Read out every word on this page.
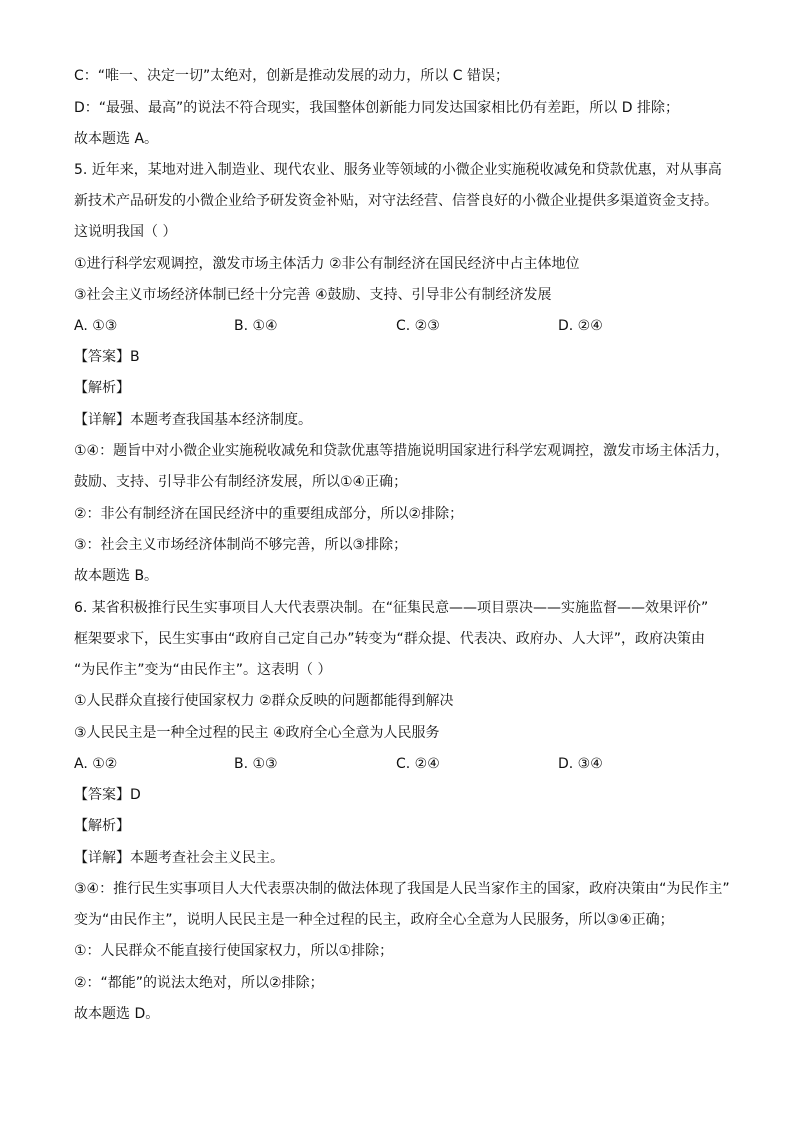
C：“唯一、决定一切”太绝对，创新是推动发展的动力，所以 C 错误；
D：“最强、最高”的说法不符合现实，我国整体创新能力同发达国家相比仍有差距，所以 D 排除；
故本题选 A。
5. 近年来，某地对进入制造业、现代农业、服务业等领域的小微企业实施税收减免和贷款优惠，对从事高
新技术产品研发的小微企业给予研发资金补贴，对守法经营、信誉良好的小微企业提供多渠道资金支持。
这说明我国（ ）
①进行科学宏观调控，激发市场主体活力 ②非公有制经济在国民经济中占主体地位
③社会主义市场经济体制已经十分完善 ④鼓励、支持、引导非公有制经济发展
A. ①③	B. ①④	C. ②③	D. ②④
【答案】B
【解析】
【详解】本题考查我国基本经济制度。
①④：题旨中对小微企业实施税收减免和贷款优惠等措施说明国家进行科学宏观调控，激发市场主体活力，
鼓励、支持、引导非公有制经济发展，所以①④正确；
②：非公有制经济在国民经济中的重要组成部分，所以②排除；
③：社会主义市场经济体制尚不够完善，所以③排除；
故本题选 B。
6. 某省积极推行民生实事项目人大代表票决制。在“征集民意——项目票决——实施监督——效果评价”
框架要求下，民生实事由“政府自己定自己办”转变为“群众提、代表决、政府办、人大评”，政府决策由
“为民作主”变为“由民作主”。这表明（ ）
①人民群众直接行使国家权力 ②群众反映的问题都能得到解决
③人民民主是一种全过程的民主 ④政府全心全意为人民服务
A. ①②	B. ①③	C. ②④	D. ③④
【答案】D
【解析】
【详解】本题考查社会主义民主。
③④：推行民生实事项目人大代表票决制的做法体现了我国是人民当家作主的国家，政府决策由“为民作主”
变为“由民作主”，说明人民民主是一种全过程的民主，政府全心全意为人民服务，所以③④正确；
①：人民群众不能直接行使国家权力，所以①排除；
②：“都能”的说法太绝对，所以②排除；
故本题选 D。
